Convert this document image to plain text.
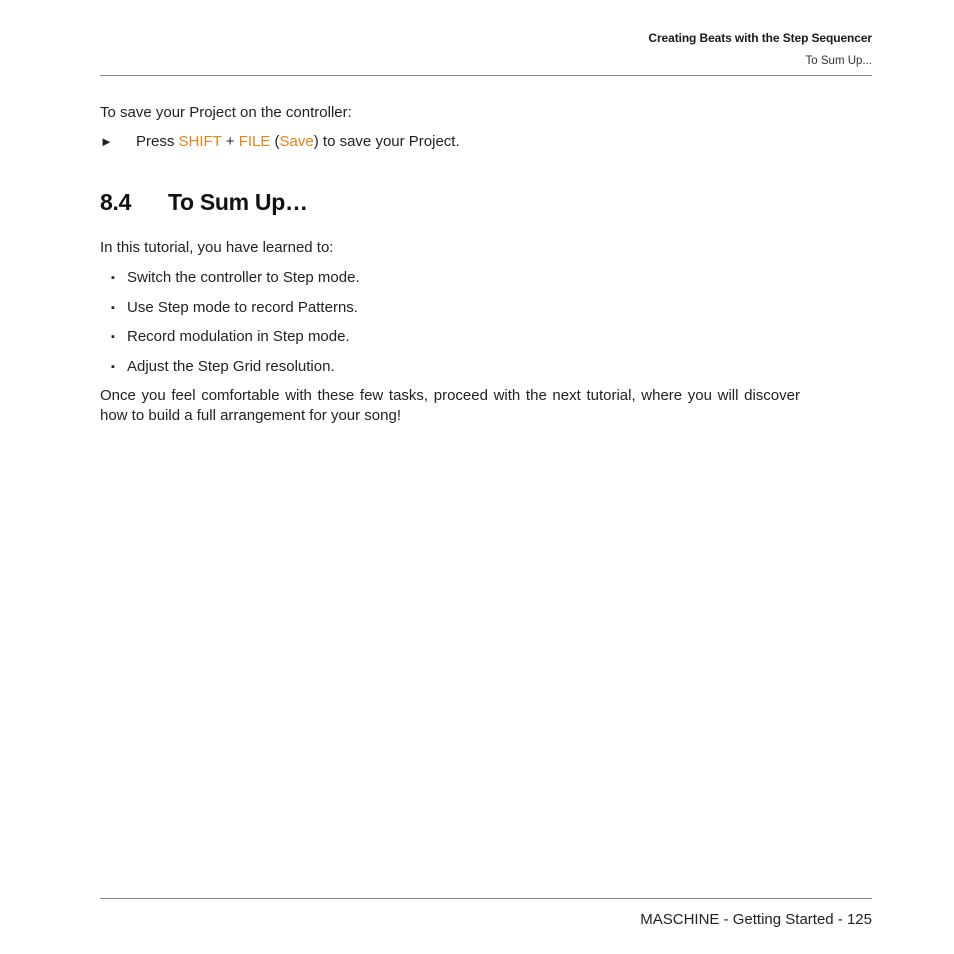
Creating Beats with the Step Sequencer
To Sum Up...
To save your Project on the controller:
► Press SHIFT + FILE (Save) to save your Project.
8.4 To Sum Up…
In this tutorial, you have learned to:
▪ Switch the controller to Step mode.
▪ Use Step mode to record Patterns.
▪ Record modulation in Step mode.
▪ Adjust the Step Grid resolution.
Once you feel comfortable with these few tasks, proceed with the next tutorial, where you will discover how to build a full arrangement for your song!
MASCHINE - Getting Started - 125
